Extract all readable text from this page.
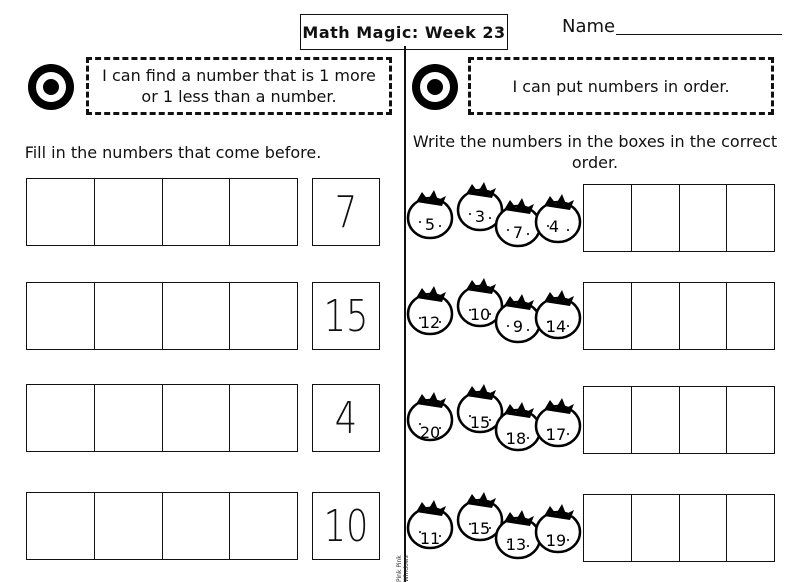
Math Magic: Week 23	Name
Pink Pink Windows
I can find a number that is 1 more or 1 less than a number.
Fill in the numbers that come before.
7
15
4
10
I can put numbers in order.
Write the numbers in the boxes in the correct order.
5 3
7 4
12 10
9 14
20
15
18 17
11
15
13 19
